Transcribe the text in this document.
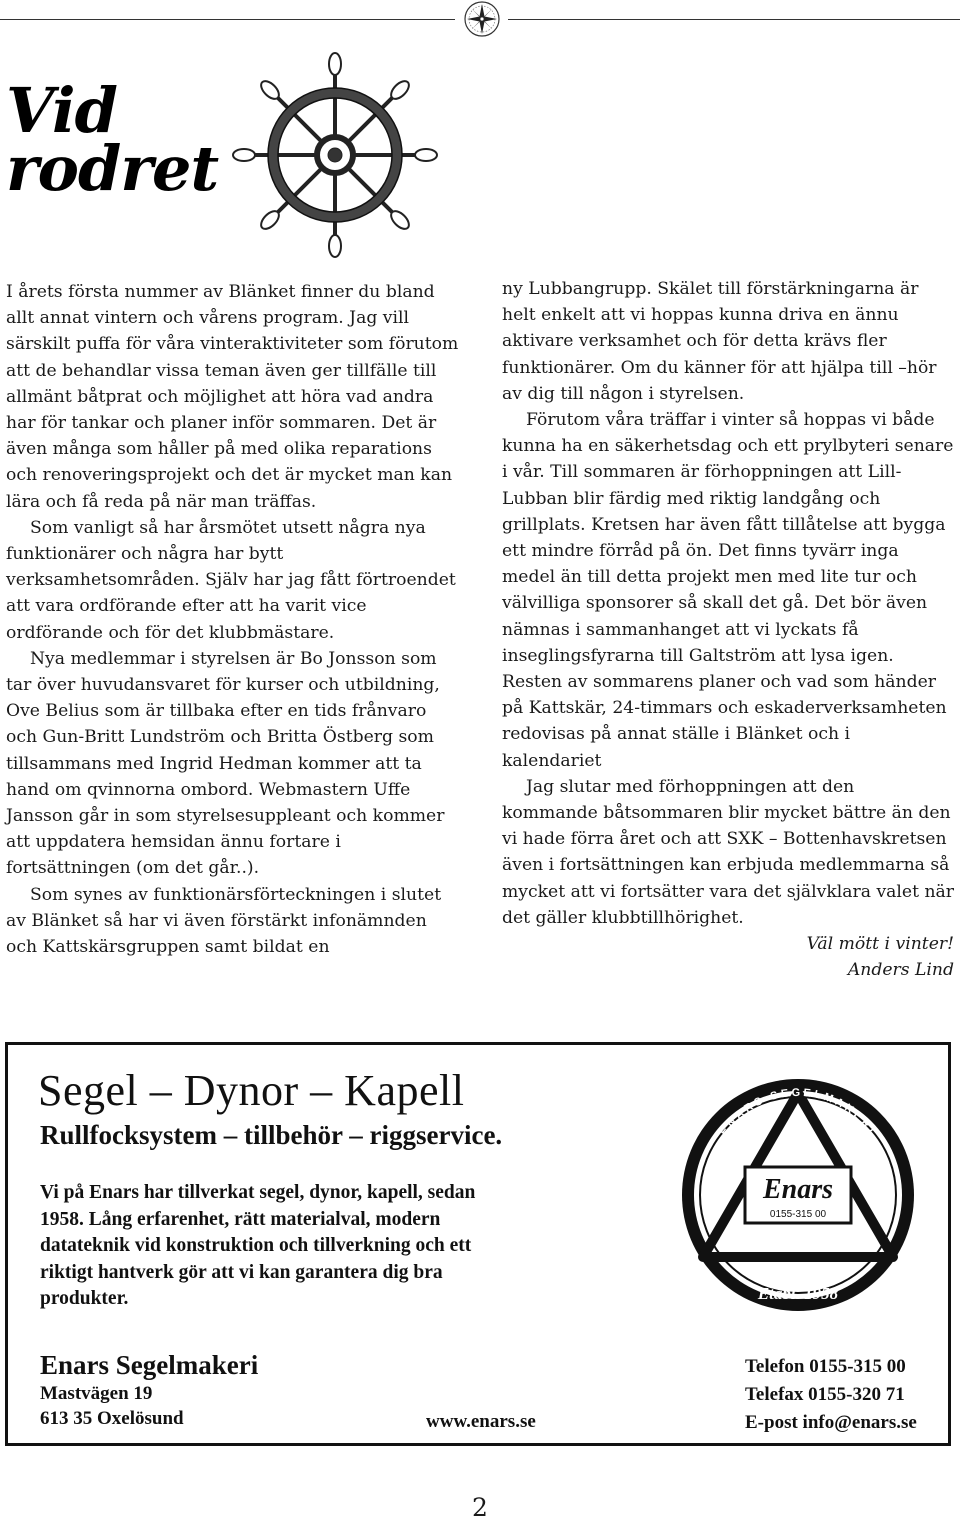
Vid
rodret

I årets första nummer av Blänket finner du bland allt annat vintern och vårens program. Jag vill särskilt puffa för våra vinteraktiviteter som förutom att de behandlar vissa teman även ger tillfälle till allmänt båtprat och möjlighet att höra vad andra har för tankar och planer inför sommaren. Det är även många som håller på med olika reparations och renoveringsprojekt och det är mycket man kan lära och få reda på när man träffas.

Som vanligt så har årsmötet utsett några nya funktionärer och några har bytt verksamhetsområden. Själv har jag fått förtroendet att vara ordförande efter att ha varit vice ordförande och för det klubbmästare.

Nya medlemmar i styrelsen är Bo Jonsson som tar över huvudansvaret för kurser och utbildning, Ove Belius som är tillbaka efter en tids frånvaro och Gun-Britt Lundström och Britta Östberg som tillsammans med Ingrid Hedman kommer att ta hand om qvinnorna ombord. Webmastern Uffe Jansson går in som styrelsesuppleant och kommer att uppdatera hemsidan ännu fortare i fortsättningen (om det går..).

Som synes av funktionärsförteckningen i slutet av Blänket så har vi även förstärkt infonämnden och Kattskärsgruppen samt bildat en

ny Lubbangrupp. Skälet till förstärkningarna är helt enkelt att vi hoppas kunna driva en ännu aktivare verksamhet och för detta krävs fler funktionärer. Om du känner för att hjälpa till –hör av dig till någon i styrelsen.

Förutom våra träffar i vinter så hoppas vi både kunna ha en säkerhetsdag och ett prylbyteri senare i vår. Till sommaren är förhoppningen att Lill-Lubban blir färdig med riktig landgång och grillplats. Kretsen har även fått tillåtelse att bygga ett mindre förråd på ön. Det finns tyvärr inga medel än till detta projekt men med lite tur och välvilliga sponsorer så skall det gå. Det bör även nämnas i sammanhanget att vi lyckats få inseglingsfyrarna till Galtström att lysa igen. Resten av sommarens planer och vad som händer på Kattskär, 24-timmars och eskaderverksamheten redovisas på annat ställe i Blänket och i kalendariet

Jag slutar med förhoppningen att den kommande båtsommaren blir mycket bättre än den vi hade förra året och att SXK – Bottenhavskretsen även i fortsättningen kan erbjuda medlemmarna så mycket att vi fortsätter vara det självklara valet när det gäller klubbtillhörighet.

Väl mött i vinter!

Anders Lind

Segel – Dynor – Kapell
Rullfocksystem – tillbehör – riggservice.
Vi på Enars har tillverkat segel, dynor, kapell, sedan 1958. Lång erfarenhet, rätt materialval, modern datateknik vid konstruktion och tillverkning och ett riktigt hantverk gör att vi kan garantera dig bra produkter.
Enars Segelmakeri
Mastvägen 19
613 35 Oxelösund	www.enars.se
Telefon 0155-315 00
Telefax 0155-320 71
E-post info@enars.se
Enars
0155-315 00
ENARS SEGELMAKERI
Etabl. 1958
2
